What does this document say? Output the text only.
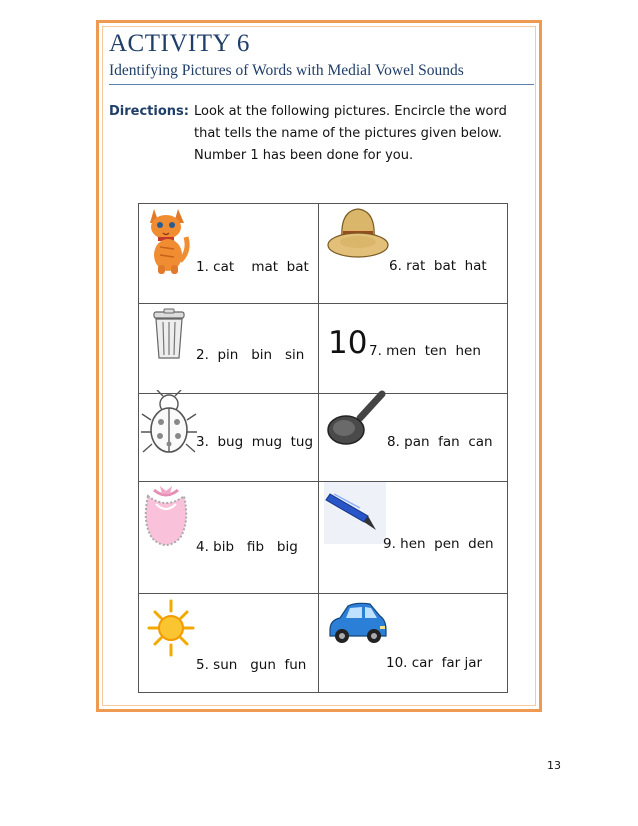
ACTIVITY 6
Identifying Pictures of Words with Medial Vowel Sounds
Directions: Look at the following pictures. Encircle the word
that tells the name of the pictures given below.
Number 1 has been done for you.
10
1. cat    mat  bat
2.  pin   bin   sin
3.  bug  mug  tug
4. bib   fib   big
5. sun   gun  fun
6. rat  bat  hat
7. men  ten  hen
8. pan  fan  can
9. hen  pen  den
10. car  far jar
13
